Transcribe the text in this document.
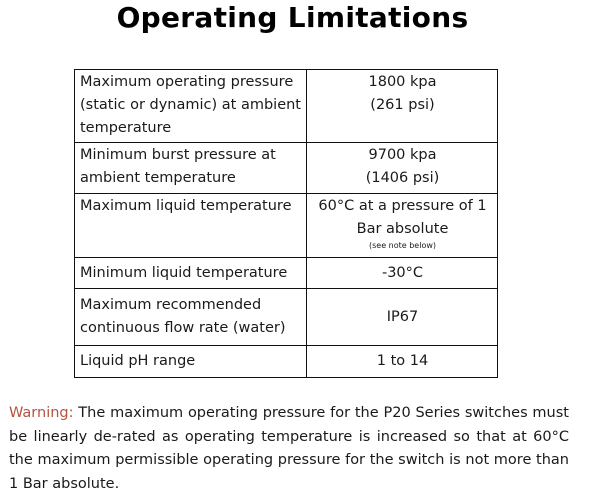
Operating Limitations
Maximum operating pressure (static or dynamic) at ambient temperature	1800 kpa
(261 psi)

Minimum burst pressure at ambient temperature	9700 kpa
(1406 psi)

Maximum liquid temperature	60°C at a pressure of 1
Bar absolute
(see note below)

Minimum liquid temperature	-30°C

Maximum recommended continuous flow rate (water)	IP67

Liquid pH range	1 to 14
Warning: The maximum operating pressure for the P20 Series switches must be linearly de-rated as operating temperature is increased so that at 60°C the maximum permissible operating pressure for the switch is not more than 1 Bar absolute.
